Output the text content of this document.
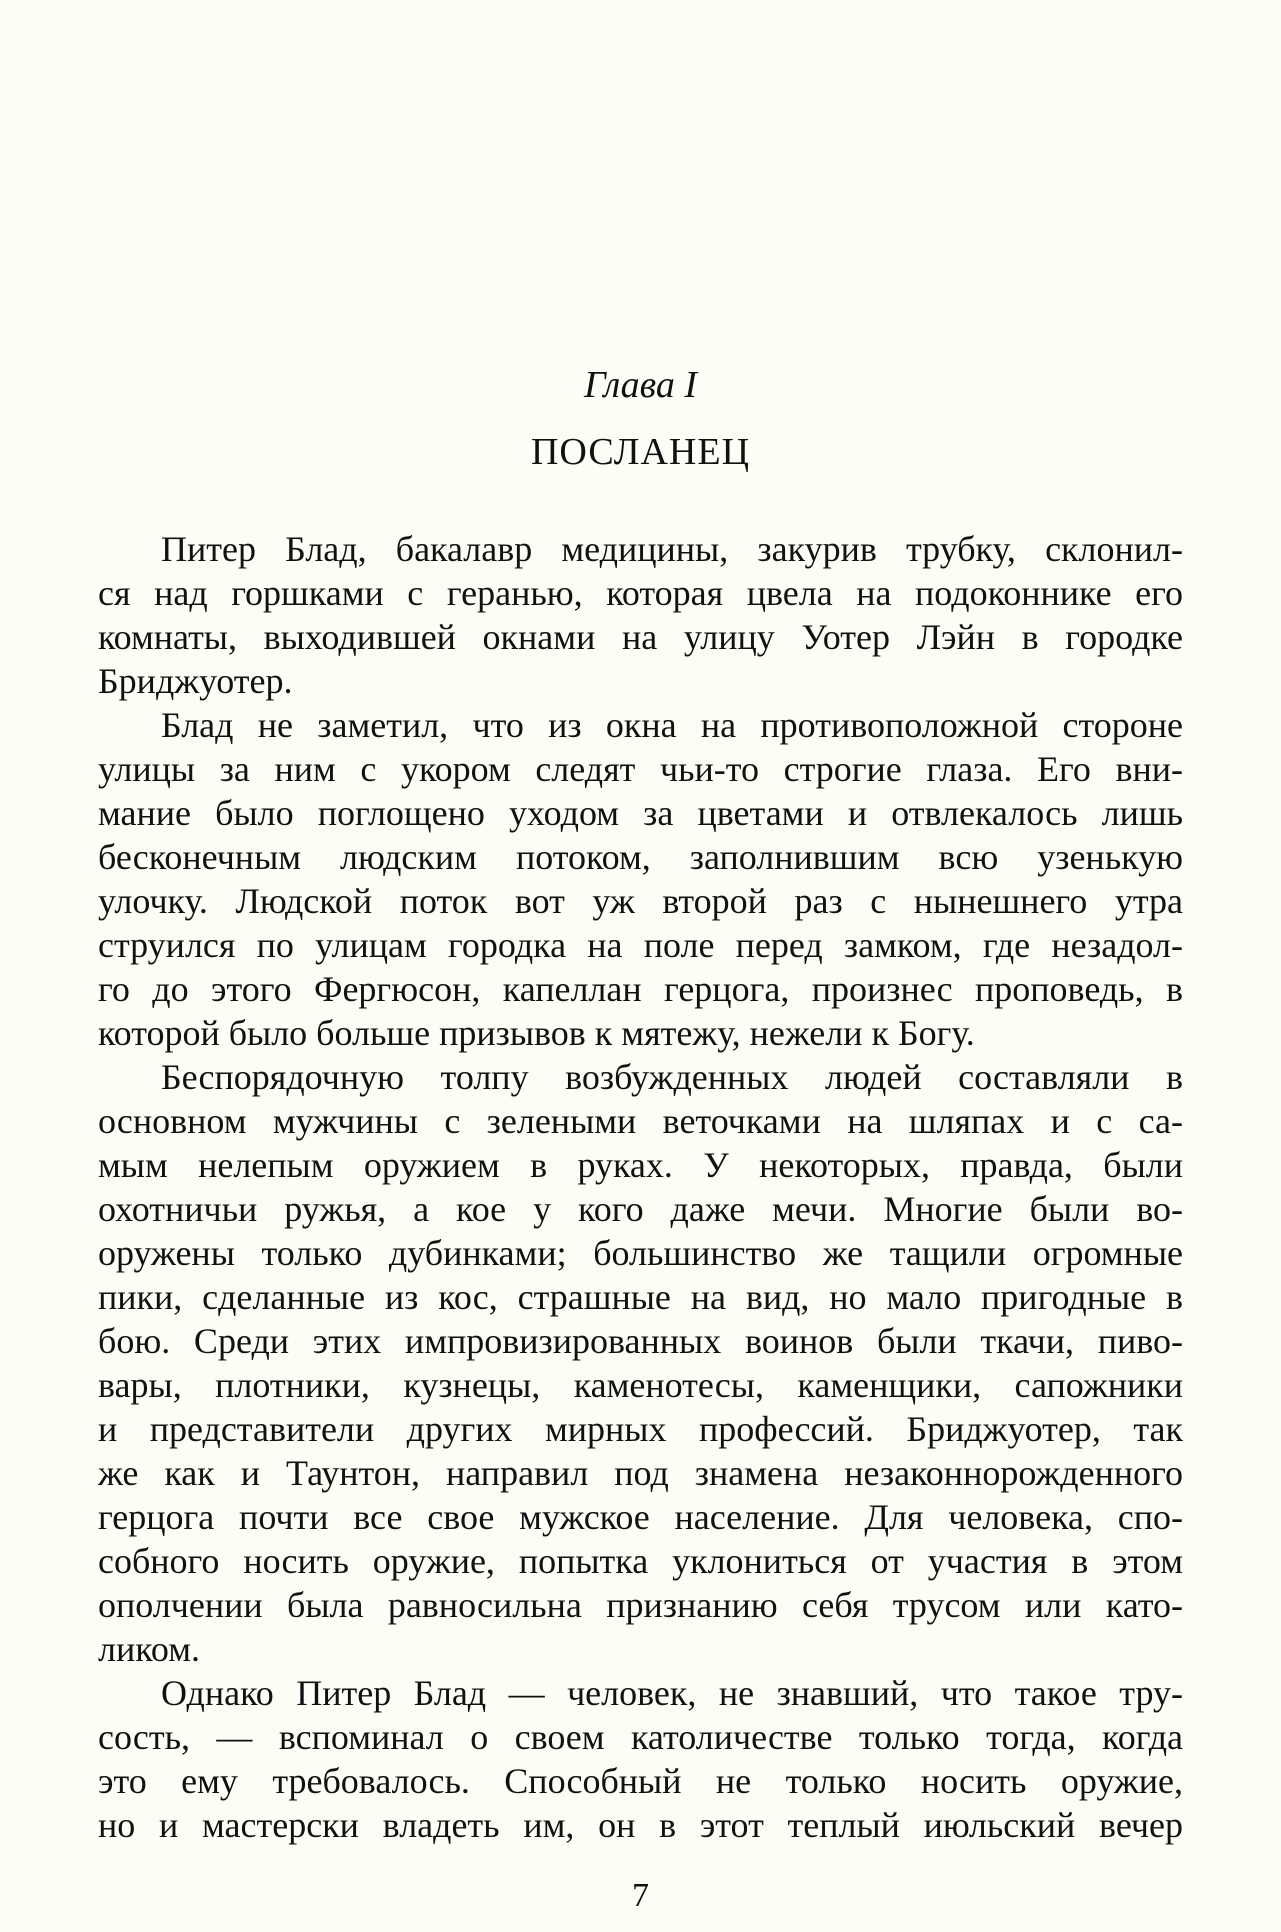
Глава I
ПОСЛАНЕЦ
Питер Блад, бакалавр медицины, закурив трубку, склонил-
ся над горшками с геранью, которая цвела на подоконнике его
комнаты, выходившей окнами на улицу Уотер Лэйн в городке
Бриджуотер.
Блад не заметил, что из окна на противоположной стороне
улицы за ним с укором следят чьи-то строгие глаза. Его вни-
мание было поглощено уходом за цветами и отвлекалось лишь
бесконечным людским потоком, заполнившим всю узенькую
улочку. Людской поток вот уж второй раз с нынешнего утра
струился по улицам городка на поле перед замком, где незадол-
го до этого Фергюсон, капеллан герцога, произнес проповедь, в
которой было больше призывов к мятежу, нежели к Богу.
Беспорядочную толпу возбужденных людей составляли в
основном мужчины с зелеными веточками на шляпах и с са-
мым нелепым оружием в руках. У некоторых, правда, были
охотничьи ружья, а кое у кого даже мечи. Многие были во-
оружены только дубинками; большинство же тащили огромные
пики, сделанные из кос, страшные на вид, но мало пригодные в
бою. Среди этих импровизированных воинов были ткачи, пиво-
вары, плотники, кузнецы, каменотесы, каменщики, сапожники
и представители других мирных профессий. Бриджуотер, так
же как и Таунтон, направил под знамена незаконнорожденного
герцога почти все свое мужское население. Для человека, спо-
собного носить оружие, попытка уклониться от участия в этом
ополчении была равносильна признанию себя трусом или като-
ликом.
Однако Питер Блад — человек, не знавший, что такое тру-
сость, — вспоминал о своем католичестве только тогда, когда
это ему требовалось. Способный не только носить оружие,
но и мастерски владеть им, он в этот теплый июльский вечер
7
